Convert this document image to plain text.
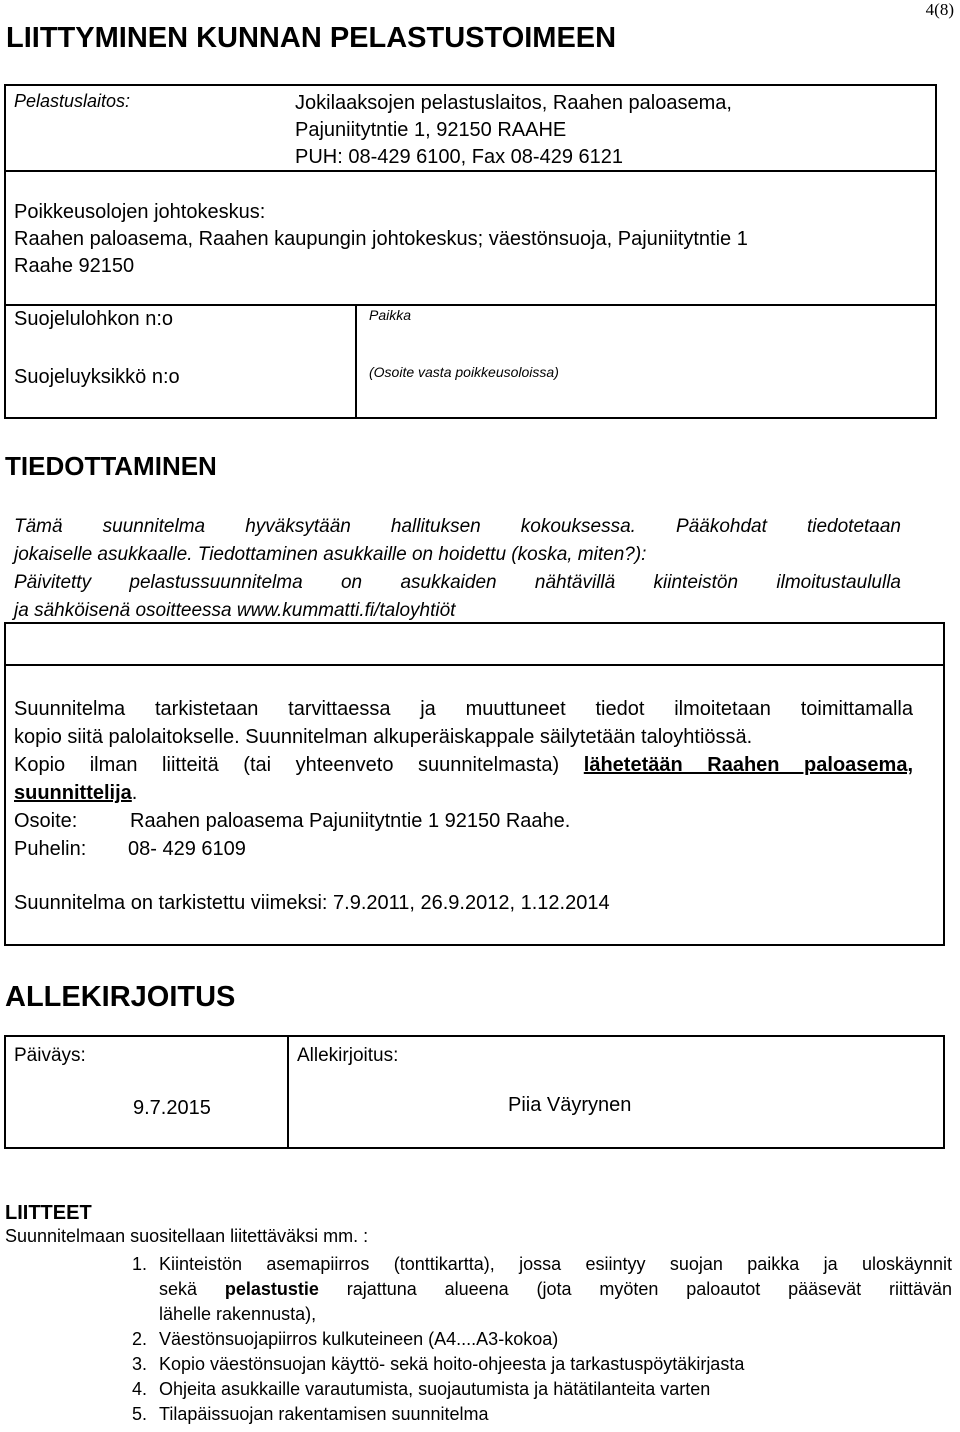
4(8)
LIITTYMINEN KUNNAN PELASTUSTOIMEEN
Pelastuslaitos:	Jokilaaksojen pelastuslaitos, Raahen paloasema,
Pajuniitytntie 1, 92150 RAAHE
PUH: 08-429 6100, Fax 08-429 6121
Poikkeusolojen johtokeskus:
Raahen paloasema, Raahen kaupungin johtokeskus; väestönsuoja, Pajuniitytntie 1
Raahe 92150
Suojelulohkon n:o
Suojeluyksikkö n:o
Paikka
(Osoite vasta poikkeusoloissa)
TIEDOTTAMINEN
Tämä suunnitelma hyväksytään hallituksen kokouksessa. Pääkohdat tiedotetaan
jokaiselle asukkaalle. Tiedottaminen asukkaille on hoidettu (koska, miten?):
Päivitetty pelastussuunnitelma on asukkaiden nähtävillä kiinteistön ilmoitustaululla
ja sähköisenä osoitteessa www.kummatti.fi/taloyhtiöt
Suunnitelma tarkistetaan tarvittaessa ja muuttuneet tiedot ilmoitetaan toimittamalla
kopio siitä palolaitokselle. Suunnitelman alkuperäiskappale säilytetään taloyhtiössä.
Kopio ilman liitteitä (tai yhteenveto suunnitelmasta) lähetetään Raahen paloasema,
suunnittelija.
Osoite:	Raahen paloasema Pajuniitytntie 1 92150 Raahe.
Puhelin: 08- 429 6109
Suunnitelma on tarkistettu viimeksi: 7.9.2011, 26.9.2012, 1.12.2014
ALLEKIRJOITUS
Päiväys:
9.7.2015
Allekirjoitus:
Piia Väyrynen
LIITTEET
Suunnitelmaan suositellaan liitettäväksi mm. :
1. Kiinteistön asemapiirros (tonttikartta), jossa esiintyy suojan paikka ja uloskäynnit
sekä pelastustie rajattuna alueena (jota myöten paloautot pääsevät riittävän
lähelle rakennusta),
2. Väestönsuojapiirros kulkuteineen (A4....A3-kokoa)
3. Kopio väestönsuojan käyttö- sekä hoito-ohjeesta ja tarkastuspöytäkirjasta
4. Ohjeita asukkaille varautumista, suojautumista ja hätätilanteita varten
5. Tilapäissuojan rakentamisen suunnitelma
